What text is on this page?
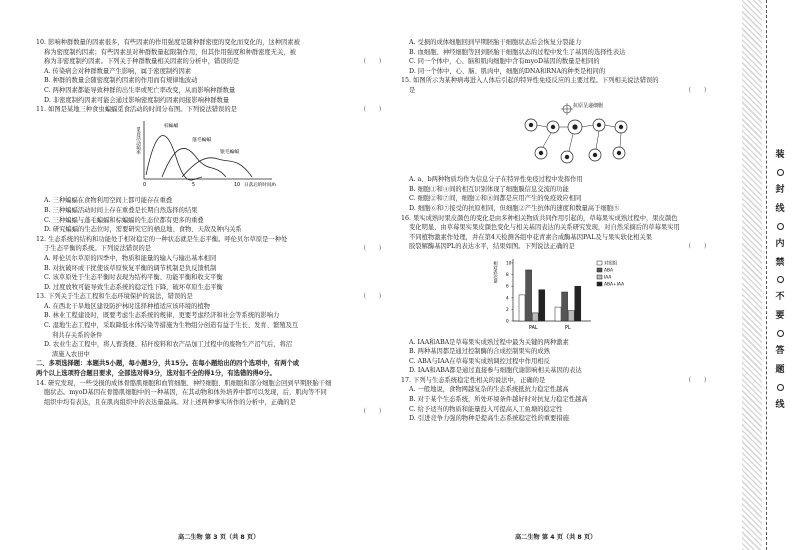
10. 影响种群数量的因素很多，有些因素的作用强度是随种群密度的变化而变化的，这种因素被
称为密度制约因素；有些因素虽对种群数量起限制作用，但其作用强度和种群密度无关，被
称为非密度制约因素。下列关于种群数量相关因素的分析中，错误的是	（　　）
A. 传染病会对种群数量产生影响，属于密度制约因素
B. 种群的数量会随密度制约因素的作用而有规律地波动
C. 两种因素都能导致种群的出生率或死亡率改变，从而影响种群数量
D. 非密度制约因素可能会通过影响密度制约因素间接影响种群数量
11. 如图是某地三种食虫蝙蝠觅食活动的时间分布图。下列说法错误的是	（　　）
觅食活动频率
棕蝙蝠
蓬毛蝙蝠
银毛蝙蝠
0	5	10 日落后的时间/h
A. 三种蝙蝠在食物利用空间上都可能存在重叠
B. 三种蝙蝠活动时间上存在重叠是长期自然选择的结果
C. 三种蝙蝠与蓬毛蝙蝠和棕蝙蝠的生态位都有更多的重叠
D. 研究蝙蝠的生态位时，需要研究它的栖息地、食物、天敌及种内关系
12. 生态系统的结构和功能处于相对稳定的一种状态就是生态平衡。呼伦贝尔草原是一种处
于生态平衡的系统。下列说法错误的是	（　　）
A. 呼伦贝尔草原的四季中，物质和能量的输入与输出基本相同
B. 对抗破坏或干扰使该草原恢复平衡的调节机制是负反馈机制
C. 该草原处于生态平衡时表现为结构平衡、功能平衡和收支平衡
D. 过度放牧可能导致生态系统的稳定性下降，破坏草原生态平衡
13. 下列关于生态工程和生态环境保护的说法，错误的是	（　　）
A. 在西北干旱地区建设防护林时选择种植适应该环境的植物
B. 林业工程建设时，既要考虑生态系统的规律，更要考虑经济和社会等系统的影响力
C. 湿地生态工程中，采取降低水体污染等措施为生物组分创造有益于生长、发育、繁殖及互
利共存关系的条件
D. 农业生态工程中，将人畜粪便、秸秆废料和农产品加工过程中的废物生产沼气后，将沼
渣施入农田中
二、多项选择题：本题共5小题，每小题3分，共15分。在每小题给出的四个选项中，有两个或
两个以上选项符合题目要求，全部选对得3分，选对但不全的得1分，有选错的得0分。
14. 研究发现，一些受损的成体骨骼肌细胞和血管细胞、神经细胞、肌细胞和部分细胞会回到早期胚胎干细
胞状态。myoD基因在骨骼肌细胞中的一种基因，在其动物和体外培养中都可以发现，后，肌肉等不同
组织中均有表达，且在肌肉组织中的表达量最高。对上述两种事实所作的分析中，正确的是
（　　）
高二生物 第 3 页（共 8 页）
A. 受损的成体细胞回到早期胚胎干细胞状态后会恢复分裂能力
B. 血细胞、神经细胞等回到胚胎干细胞状态的过程中发生了基因的选择性表达
C. 同一个体中，心、脑和肌肉细胞中含有myoD基因的数量是相同的
D. 同一个体中，心、脑、肌肉中，细胞的DNA和RNA的种类是相同的
15. 如图所示为某种病毒进入人体后引起的特异性免疫反应的主要过程。下列相关说法错误的
是	（　　）
抗原呈递细胞
A. a、b两种物质均作为信息分子在特异性免疫过程中发挥作用
B. 细胞①和④间的相互识别体现了细胞膜信息交流的功能
C. 细胞②和⑦间，细胞②和⑧间都是应用产生的免疫效应相同
D. 细胞⑥和⑦接受的抗原相同，但细胞②产生抗体的速度和数量高于细胞⑤
16. 果实成熟时果皮颜色的变化是由多种相关物质共同作用引起的，草莓果实成熟过程中，果皮颜色
变化明显，由草莓果实果皮颜色变化与相关基因表达的关系研究发现，对自然采摘后的草莓果实用
不同植物激素作处理，并在第4天检测各组中花青素合成酶基因PAL及与果实软化相关果
胶裂解酶基因PL的表达水平，结果如图。下列说法正确的是	（　　）
相对表达量
0
2
4
6
8
10
PAL	PL
对照组
ABA
IAA
ABA+IAA
A. IAA和ABA是草莓果实成熟过程中最为关键的两种激素
B. 两种基因都是通过控制酶的合成控制果实的成熟
C. ABA与IAA在草莓果实成熟调控过程中作用相反
D. IAA和ABA都是通过直接参与细胞代谢影响相关基因的表达
17. 下列与生态系统稳定性相关的说法中，正确的是	（　　）
A. 一般地说，食物网越复杂的生态系统抵抗力稳定性越高
B. 对于某个生态系统，所处环境条件越好时对抗复力稳定性越高
C. 给予适当的物质和能量投入可提高人工鱼塘的稳定性
D. 引进竞争力强的物种是提高生态系统稳定性的重要措施
高二生物 第 4 页（共 8 页）
装
封
线
内
禁
不
要
答
题
线
